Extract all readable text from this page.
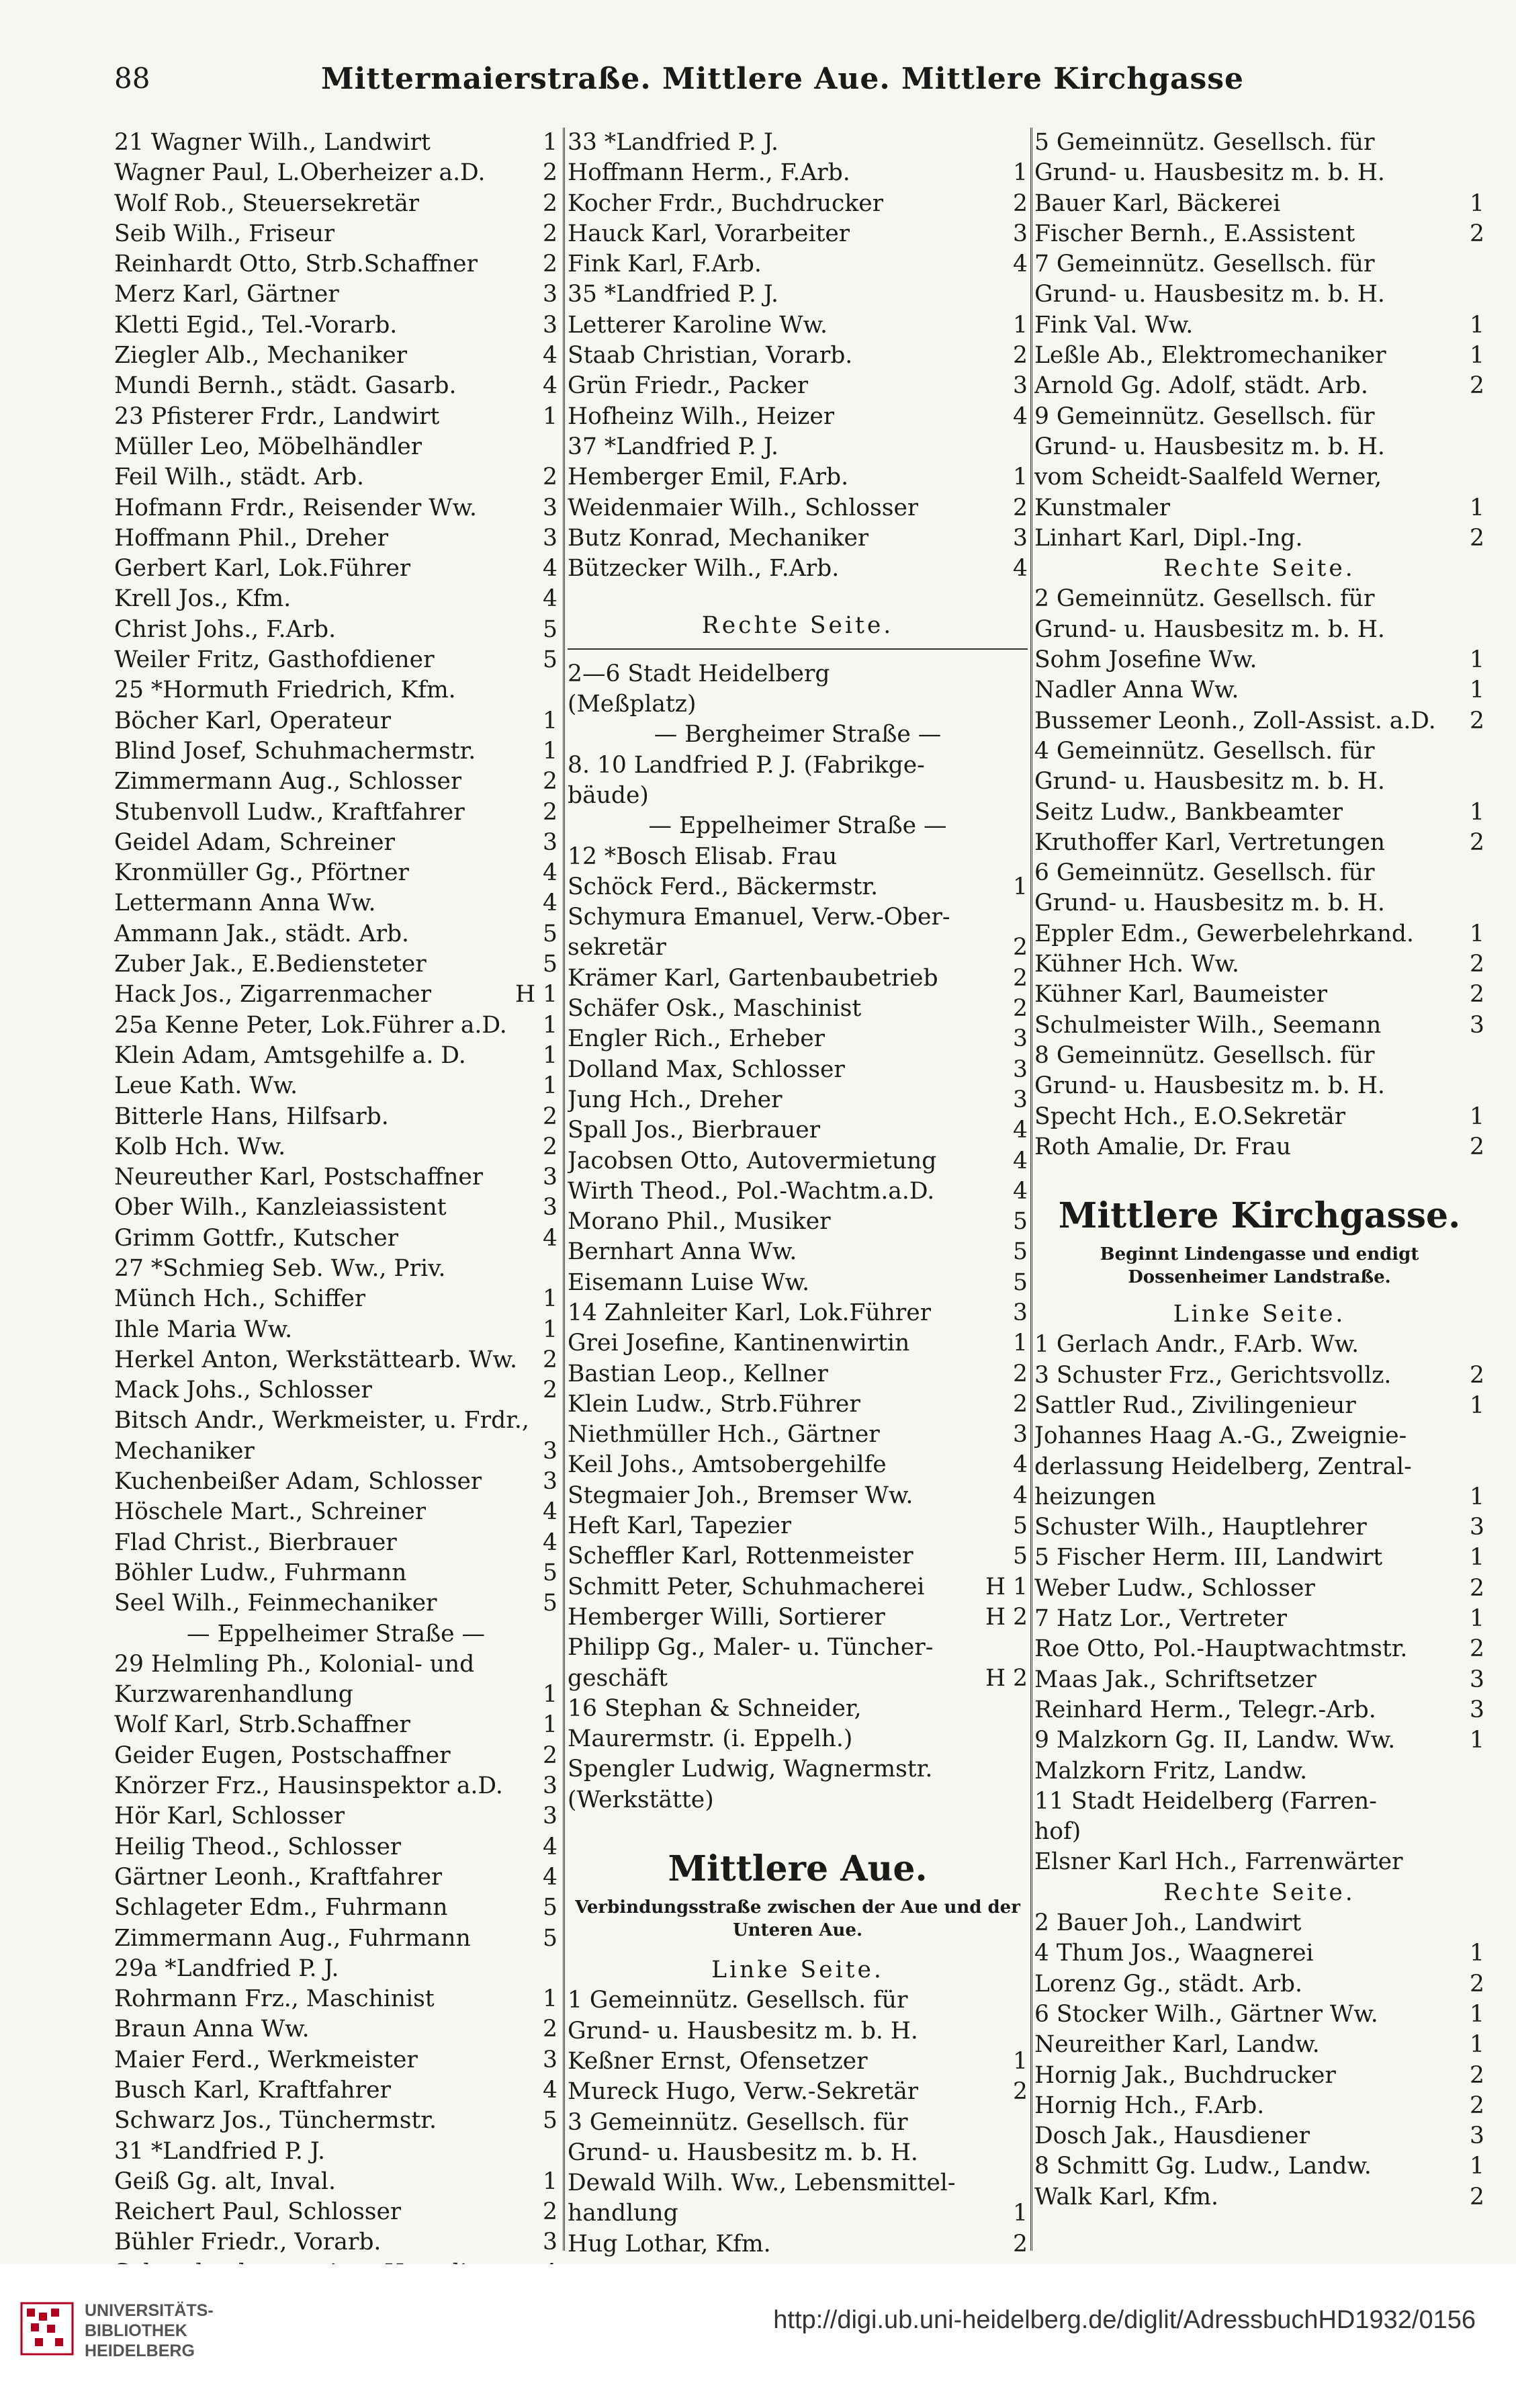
88	Mittermaierstraße. Mittlere Aue. Mittlere Kirchgasse
21 Wagner Wilh., Landwirt	1
Wagner Paul, L.Oberheizer a.D. 2
Wolf Rob., Steuersekretär	2
Seib Wilh., Friseur	2
Reinhardt Otto, Strb.Schaffner	2
Merz Karl, Gärtner	3
Kletti Egid., Tel.-Vorarb.	3
Ziegler Alb., Mechaniker	4
Mundi Bernh., städt. Gasarb.	4
23 Pfisterer Frdr., Landwirt	1
Müller Leo, Möbelhändler
Feil Wilh., städt. Arb.	2
Hofmann Frdr., Reisender Ww.	3
Hoffmann Phil., Dreher	3
Gerbert Karl, Lok.Führer	4
Krell Jos., Kfm.	4
Christ Johs., F.Arb.	5
Weiler Fritz, Gasthofdiener	5
25 *Hormuth Friedrich, Kfm.
Böcher Karl, Operateur	1
Blind Josef, Schuhmachermstr.	1
Zimmermann Aug., Schlosser	2
Stubenvoll Ludw., Kraftfahrer	2
Geidel Adam, Schreiner	3
Kronmüller Gg., Pförtner	4
Lettermann Anna Ww.	4
Ammann Jak., städt. Arb.	5
Zuber Jak., E.Bediensteter	5
Hack Jos., Zigarrenmacher	H 1
25a Kenne Peter, Lok.Führer a.D. 1
Klein Adam, Amtsgehilfe a. D.	1
Leue Kath. Ww.	1
Bitterle Hans, Hilfsarb.	2
Kolb Hch. Ww.	2
Neureuther Karl, Postschaffner	3
Ober Wilh., Kanzleiassistent	3
Grimm Gottfr., Kutscher	4
27 *Schmieg Seb. Ww., Priv.
Münch Hch., Schiffer	1
Ihle Maria Ww.	1
Herkel Anton, Werkstättearb. Ww. 2
Mack Johs., Schlosser	2
Bitsch Andr., Werkmeister, u. Frdr.,
Mechaniker	3
Kuchenbeißer Adam, Schlosser	3
Höschele Mart., Schreiner	4
Flad Christ., Bierbrauer	4
Böhler Ludw., Fuhrmann	5
Seel Wilh., Feinmechaniker	5
— Eppelheimer Straße —
29 Helmling Ph., Kolonial- und
Kurzwarenhandlung	1
Wolf Karl, Strb.Schaffner	1
Geider Eugen, Postschaffner	2
Knörzer Frz., Hausinspektor a.D. 3
Hör Karl, Schlosser	3
Heilig Theod., Schlosser	4
Gärtner Leonh., Kraftfahrer	4
Schlageter Edm., Fuhrmann	5
Zimmermann Aug., Fuhrmann	5
29a *Landfried P. J.
Rohrmann Frz., Maschinist	1
Braun Anna Ww.	2
Maier Ferd., Werkmeister	3
Busch Karl, Kraftfahrer	4
Schwarz Jos., Tünchermstr.	5
31 *Landfried P. J.
Geiß Gg. alt, Inval.	1
Reichert Paul, Schlosser	2
Bühler Friedr., Vorarb.	3
33 *Landfried P. J.
Hoffmann Herm., F.Arb.	1
Kocher Frdr., Buchdrucker	2
Hauck Karl, Vorarbeiter	3
Fink Karl, F.Arb.	4
35 *Landfried P. J.
Letterer Karoline Ww.	1
Staab Christian, Vorarb.	2
Grün Friedr., Packer	3
Hofheinz Wilh., Heizer	4
37 *Landfried P. J.
Hemberger Emil, F.Arb.	1
Weidenmaier Wilh., Schlosser	2
Butz Konrad, Mechaniker	3
Bützecker Wilh., F.Arb.	4
Rechte Seite.
2—6 Stadt Heidelberg
(Meßplatz)
— Bergheimer Straße —
8. 10 Landfried P. J. (Fabrikge-
bäude)
— Eppelheimer Straße —
12 *Bosch Elisab. Frau
Schöck Ferd., Bäckermstr.	1
Schymura Emanuel, Verw.-Ober-
sekretär	2
Krämer Karl, Gartenbaubetrieb	2
Schäfer Osk., Maschinist	2
Engler Rich., Erheber	3
Dolland Max, Schlosser	3
Jung Hch., Dreher	3
Spall Jos., Bierbrauer	4
Jacobsen Otto, Autovermietung	4
Wirth Theod., Pol.-Wachtm.a.D.	4
Morano Phil., Musiker	5
Bernhart Anna Ww.	5
Eisemann Luise Ww.	5
14 Zahnleiter Karl, Lok.Führer	3
Grei Josefine, Kantinenwirtin	1
Bastian Leop., Kellner	2
Klein Ludw., Strb.Führer	2
Niethmüller Hch., Gärtner	3
Keil Johs., Amtsobergehilfe	4
Stegmaier Joh., Bremser Ww.	4
Heft Karl, Tapezier	5
Scheffler Karl, Rottenmeister	5
Schmitt Peter, Schuhmacherei	H 1
Hemberger Willi, Sortierer	H 2
Philipp Gg., Maler- u. Tüncher-
geschäft	H 2
16 Stephan & Schneider,
Maurermstr. (i. Eppelh.)
Spengler Ludwig, Wagnermstr.
(Werkstätte)
Mittlere Aue.
Verbindungsstraße zwischen der Aue und der Unteren Aue.
Linke Seite.
1 Gemeinnütz. Gesellsch. für
Grund- u. Hausbesitz m. b. H.
Keßner Ernst, Ofensetzer	1
Mureck Hugo, Verw.-Sekretär	2
3 Gemeinnütz. Gesellsch. für
Grund- u. Hausbesitz m. b. H.
Dewald Wilh. Ww., Lebensmittel-
handlung	1
Hug Lothar, Kfm.	2
5 Gemeinnütz. Gesellsch. für
Grund- u. Hausbesitz m. b. H.
Bauer Karl, Bäckerei	1
Fischer Bernh., E.Assistent	2
7 Gemeinnütz. Gesellsch. für
Grund- u. Hausbesitz m. b. H.
Fink Val. Ww.	1
Leßle Ab., Elektromechaniker	1
Arnold Gg. Adolf, städt. Arb.	2
9 Gemeinnütz. Gesellsch. für
Grund- u. Hausbesitz m. b. H.
vom Scheidt-Saalfeld Werner,
Kunstmaler	1
Linhart Karl, Dipl.-Ing.	2
Rechte Seite.
2 Gemeinnütz. Gesellsch. für
Grund- u. Hausbesitz m. b. H.
Sohm Josefine Ww.	1
Nadler Anna Ww.	1
Bussemer Leonh., Zoll-Assist. a.D. 2
4 Gemeinnütz. Gesellsch. für
Grund- u. Hausbesitz m. b. H.
Seitz Ludw., Bankbeamter	1
Kruthoffer Karl, Vertretungen	2
6 Gemeinnütz. Gesellsch. für
Grund- u. Hausbesitz m. b. H.
Eppler Edm., Gewerbelehrkand. 1
Kühner Hch. Ww.	2
Kühner Karl, Baumeister	2
Schulmeister Wilh., Seemann	3
8 Gemeinnütz. Gesellsch. für
Grund- u. Hausbesitz m. b. H.
Specht Hch., E.O.Sekretär	1
Roth Amalie, Dr. Frau	2
Mittlere Kirchgasse.
Beginnt Lindengasse und endigt Dossenheimer Landstraße.
Linke Seite.
1 Gerlach Andr., F.Arb. Ww.
3 Schuster Frz., Gerichtsvollz.	2
Sattler Rud., Zivilingenieur	1
Johannes Haag A.-G., Zweignie-
derlassung Heidelberg, Zentral-
heizungen	1
Schuster Wilh., Hauptlehrer	3
5 Fischer Herm. III, Landwirt	1
Weber Ludw., Schlosser	2
7 Hatz Lor., Vertreter	1
Roe Otto, Pol.-Hauptwachtmstr.	2
Maas Jak., Schriftsetzer	3
Reinhard Herm., Telegr.-Arb.	3
9 Malzkorn Gg. II, Landw. Ww.	1
Malzkorn Fritz, Landw.
11 Stadt Heidelberg (Farren-
hof)
Elsner Karl Hch., Farrenwärter
Rechte Seite.
2 Bauer Joh., Landwirt
4 Thum Jos., Waagnerei	1
Lorenz Gg., städt. Arb.	2
6 Stocker Wilh., Gärtner Ww.	1
Neureither Karl, Landw.	1
Hornig Jak., Buchdrucker	2
Hornig Hch., F.Arb.	2
Dosch Jak., Hausdiener	3
8 Schmitt Gg. Ludw., Landw.	1
Walk Karl, Kfm.	2
UNIVERSITÄTS-
BIBLIOTHEK
HEIDELBERG
http://digi.ub.uni-heidelberg.de/diglit/AdressbuchHD1932/0156
